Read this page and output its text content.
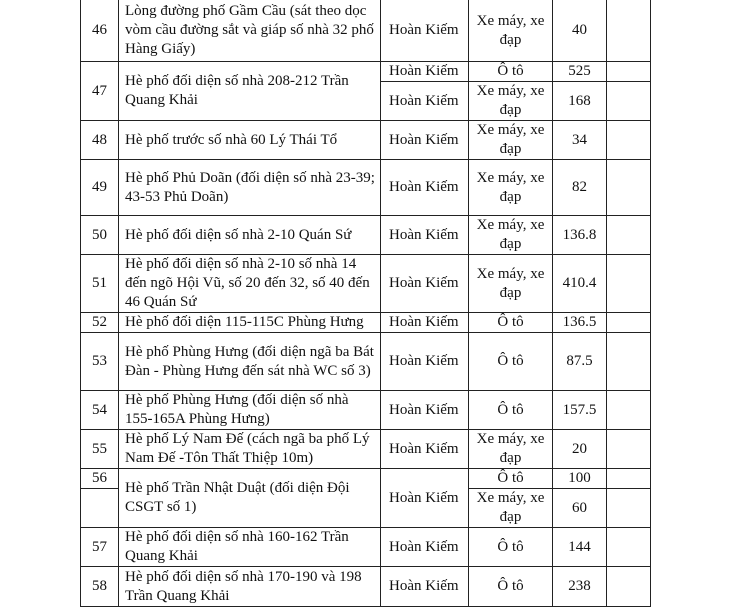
46	Lòng đường phố Gầm Cầu (sát theo dọc vòm cầu đường sắt và giáp số nhà 32 phố Hàng Giấy)	Hoàn Kiếm	Xe máy, xe đạp	40	
47	Hè phố đối diện số nhà 208-212 Trần Quang Khải	Hoàn Kiếm	Ô tô	525	
		Hoàn Kiếm	Xe máy, xe đạp	168	
48	Hè phố trước số nhà 60 Lý Thái Tổ	Hoàn Kiếm	Xe máy, xe đạp	34	
49	Hè phố Phủ Doãn (đối diện số nhà 23-39; 43-53 Phủ Doãn)	Hoàn Kiếm	Xe máy, xe đạp	82	
50	Hè phố đối diện số nhà 2-10 Quán Sứ	Hoàn Kiếm	Xe máy, xe đạp	136.8	
51	Hè phố đối diện số nhà 2-10 số nhà 14 đến ngõ Hội Vũ, số 20 đến 32, số 40 đến 46 Quán Sứ	Hoàn Kiếm	Xe máy, xe đạp	410.4	
52	Hè phố đối diện 115-115C Phùng Hưng	Hoàn Kiếm	Ô tô	136.5	
53	Hè phố Phùng Hưng (đối diện ngã ba Bát Đàn - Phùng Hưng đến sát nhà WC số 3)	Hoàn Kiếm	Ô tô	87.5	
54	Hè phố Phùng Hưng (đối diện số nhà 155-165A Phùng Hưng)	Hoàn Kiếm	Ô tô	157.5	
55	Hè phố Lý Nam Đế (cách ngã ba phố Lý Nam Đế -Tôn Thất Thiệp 10m)	Hoàn Kiếm	Xe máy, xe đạp	20	
56	Hè phố Trần Nhật Duật (đối diện Đội CSGT số 1)	Hoàn Kiếm	Ô tô	100	
			Xe máy, xe đạp	60	
57	Hè phố đối diện số nhà 160-162 Trần Quang Khải	Hoàn Kiếm	Ô tô	144	
58	Hè phố đối diện số nhà 170-190 và 198 Trần Quang Khải	Hoàn Kiếm	Ô tô	238	
